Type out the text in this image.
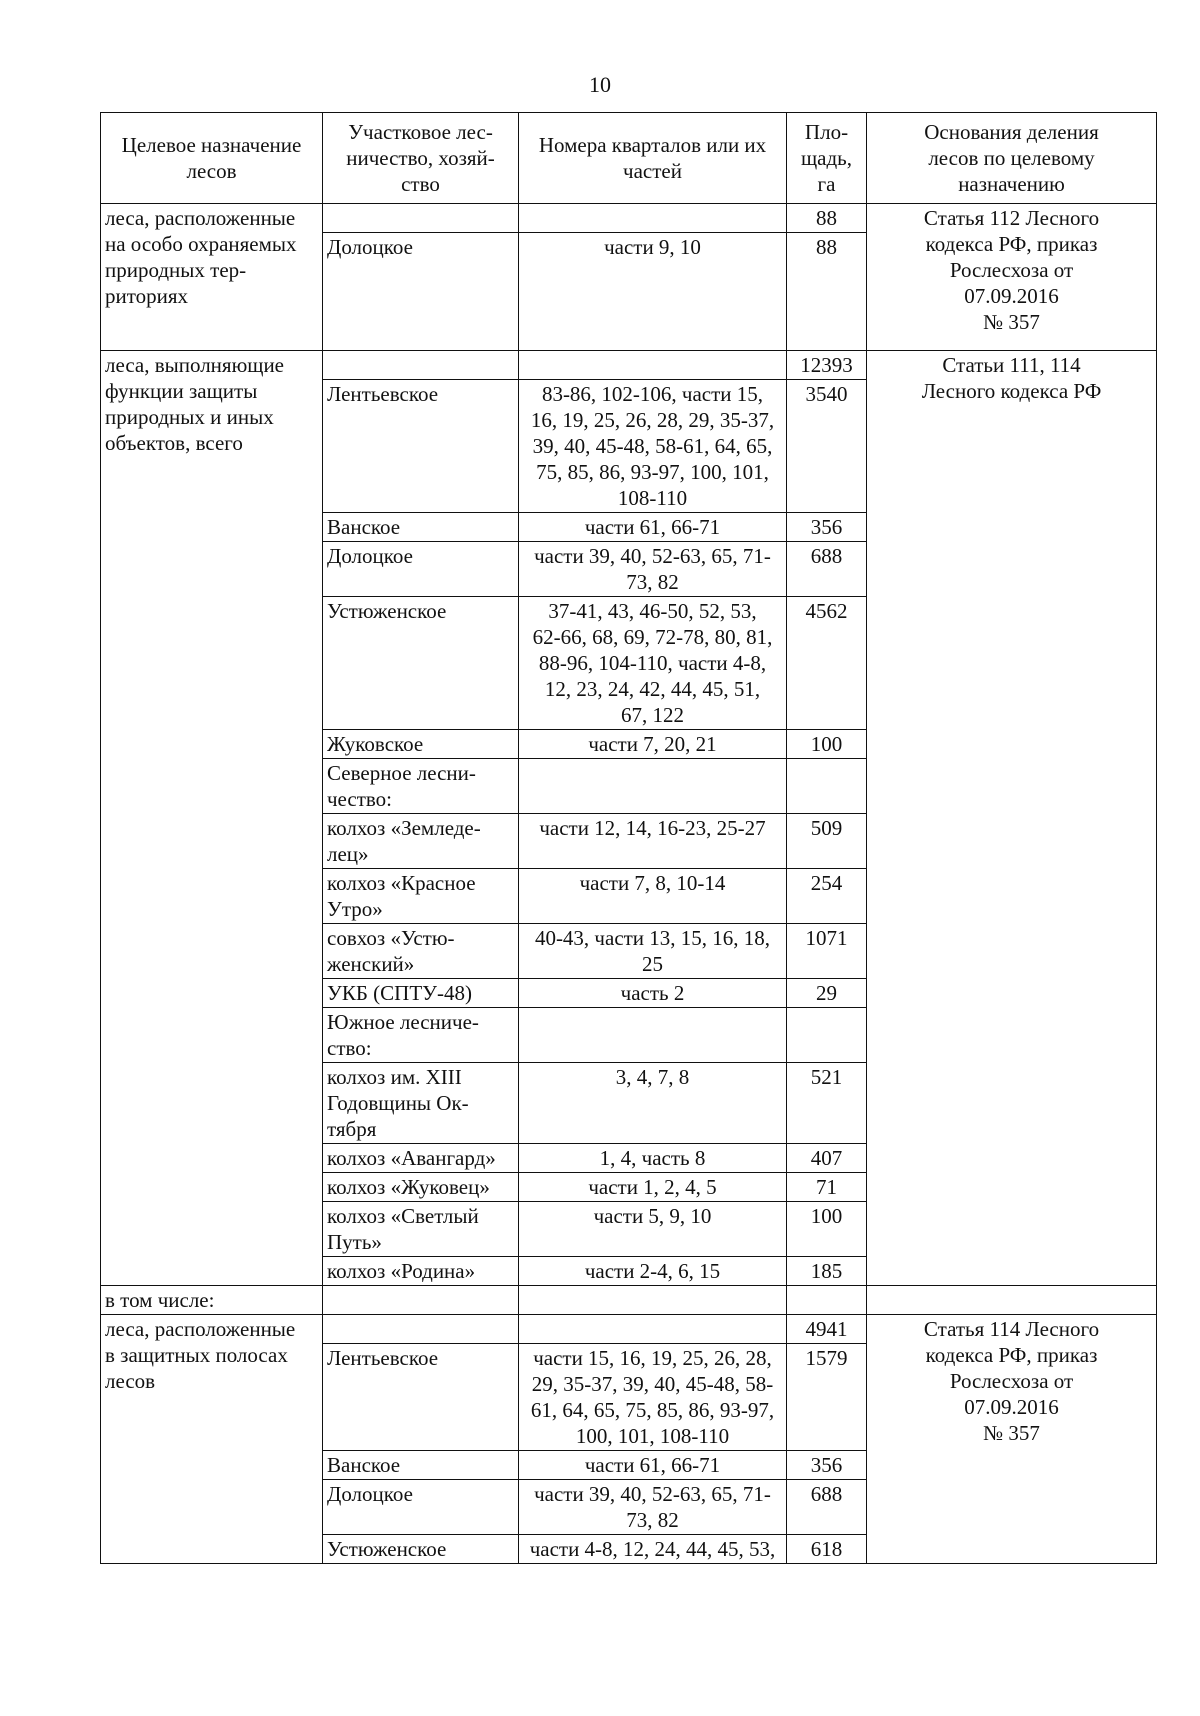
10
Целевое назначение
лесов	Участковое лес-
ничество, хозяй-
ство	Номера кварталов или их
частей	Пло-
щадь,
га	Основания деления
лесов по целевому
назначению
леса, расположенные
на особо охраняемых
природных тер-
риториях			88	Статья 112 Лесного
кодекса РФ, приказ
Рослесхоза от
07.09.2016
№ 357
	Долоцкое	части 9, 10	88	
леса, выполняющие
функции защиты
природных и иных
объектов, всего			12393	Статьи 111, 114
Лесного кодекса РФ
	Лентьевское	83-86, 102-106, части 15,
16, 19, 25, 26, 28, 29, 35-37,
39, 40, 45-48, 58-61, 64, 65,
75, 85, 86, 93-97, 100, 101,
108-110	3540	
	Ванское	части 61, 66-71	356	
	Долоцкое	части 39, 40, 52-63, 65, 71-
73, 82	688	
	Устюженское	37-41, 43, 46-50, 52, 53,
62-66, 68, 69, 72-78, 80, 81,
88-96, 104-110, части 4-8,
12, 23, 24, 42, 44, 45, 51,
67, 122	4562	
	Жуковское	части 7, 20, 21	100	
	Северное лесни-
чество:			
	колхоз «Земледе-
лец»	части 12, 14, 16-23, 25-27	509	
	колхоз «Красное
Утро»	части 7, 8, 10-14	254	
	совхоз «Устю-
женский»	40-43, части 13, 15, 16, 18,
25	1071	
	УКБ (СПТУ-48)	часть 2	29	
	Южное лесниче-
ство:			
	колхоз им. XIII
Годовщины Ок-
тября	3, 4, 7, 8	521	
	колхоз «Авангард»	1, 4, часть 8	407	
	колхоз «Жуковец»	части 1, 2, 4, 5	71	
	колхоз «Светлый
Путь»	части 5, 9, 10	100	
	колхоз «Родина»	части 2-4, 6, 15	185	
в том числе:				
леса, расположенные
в защитных полосах
лесов			4941	Статья 114 Лесного
кодекса РФ, приказ
Рослесхоза от
07.09.2016
№ 357
	Лентьевское	части 15, 16, 19, 25, 26, 28,
29, 35-37, 39, 40, 45-48, 58-
61, 64, 65, 75, 85, 86, 93-97,
100, 101, 108-110	1579	
	Ванское	части 61, 66-71	356	
	Долоцкое	части 39, 40, 52-63, 65, 71-
73, 82	688	
	Устюженское	части 4-8, 12, 24, 44, 45, 53,	618	
